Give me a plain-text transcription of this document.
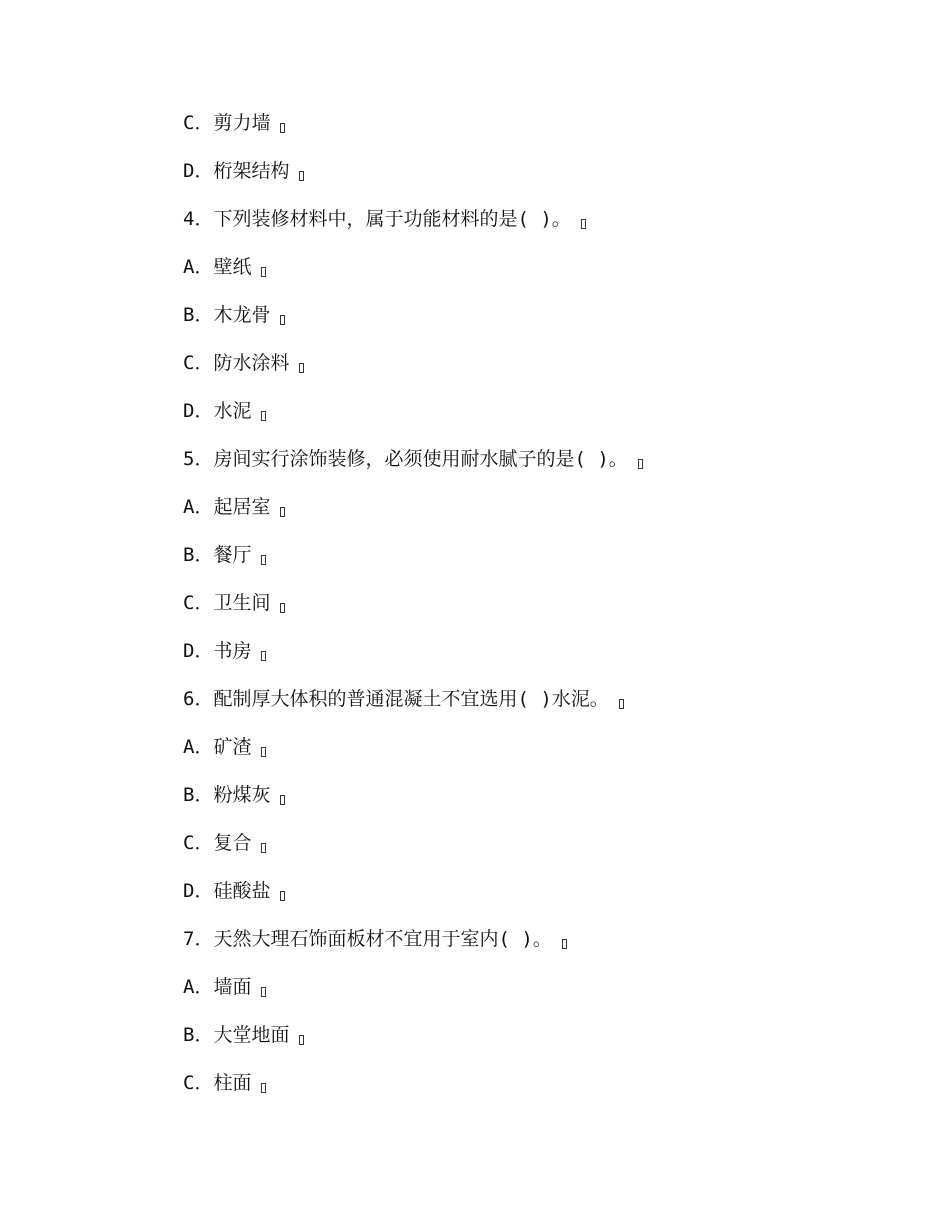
C．剪力墙
D．桁架结构
4．下列装修材料中，属于功能材料的是( )。
A．壁纸
B．木龙骨
C．防水涂料
D．水泥
5．房间实行涂饰装修，必须使用耐水腻子的是( )。
A．起居室
B．餐厅
C．卫生间
D．书房
6．配制厚大体积的普通混凝土不宜选用( )水泥。
A．矿渣
B．粉煤灰
C．复合
D．硅酸盐
7．天然大理石饰面板材不宜用于室内( )。
A．墙面
B．大堂地面
C．柱面
